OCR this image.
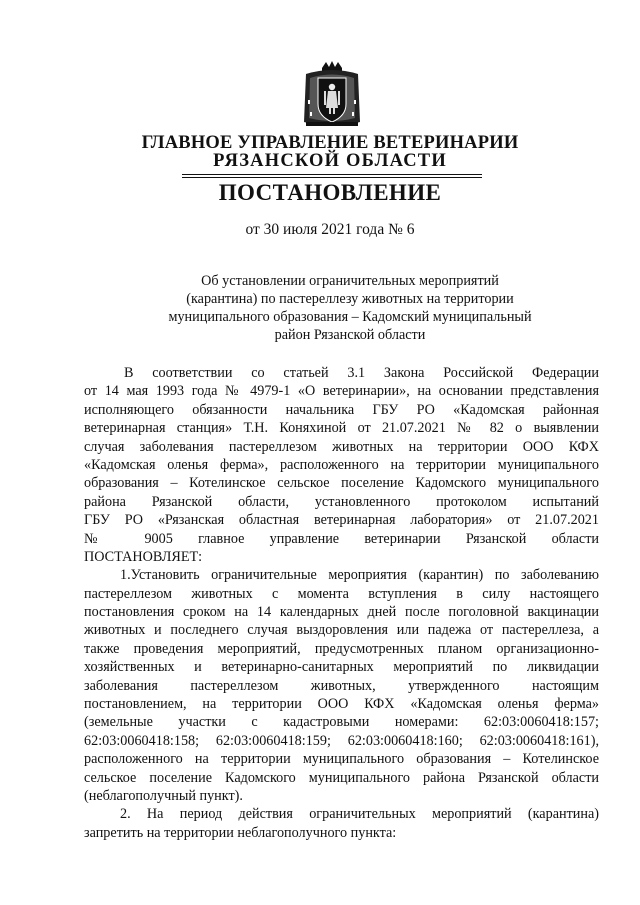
ГЛАВНОЕ УПРАВЛЕНИЕ ВЕТЕРИНАРИИ
РЯЗАНСКОЙ ОБЛАСТИ
ПОСТАНОВЛЕНИЕ
от 30 июля 2021 года № 6
Об установлении ограничительных мероприятий
(карантина) по пастереллезу животных на территории
муниципального образования – Кадомский муниципальный
район Рязанской области
В соответствии со статьей 3.1 Закона Российской Федерации
от 14 мая 1993 года № 4979-1 «О ветеринарии», на основании представления
исполняющего обязанности начальника ГБУ РО «Кадомская районная
ветеринарная станция» Т.Н. Коняхиной от 21.07.2021 № 82 о выявлении
случая заболевания пастереллезом животных на территории ООО КФХ
«Кадомская оленья ферма», расположенного на территории муниципального
образования – Котелинское сельское поселение Кадомского муниципального
района Рязанской области, установленного протоколом испытаний
ГБУ РО «Рязанская областная ветеринарная лаборатория» от 21.07.2021
№ 9005 главное управление ветеринарии Рязанской области
ПОСТАНОВЛЯЕТ:
1.Установить ограничительные мероприятия (карантин) по заболеванию
пастереллезом животных с момента вступления в силу настоящего
постановления сроком на 14 календарных дней после поголовной вакцинации
животных и последнего случая выздоровления или падежа от пастереллеза, а
также проведения мероприятий, предусмотренных планом организационно-
хозяйственных и ветеринарно-санитарных мероприятий по ликвидации
заболевания пастереллезом животных, утвержденного настоящим
постановлением, на территории ООО КФХ «Кадомская оленья ферма»
(земельные участки с кадастровыми номерами: 62:03:0060418:157;
62:03:0060418:158; 62:03:0060418:159; 62:03:0060418:160; 62:03:0060418:161),
расположенного на территории муниципального образования – Котелинское
сельское поселение Кадомского муниципального района Рязанской области
(неблагополучный пункт).
2. На период действия ограничительных мероприятий (карантина)
запретить на территории неблагополучного пункта:
